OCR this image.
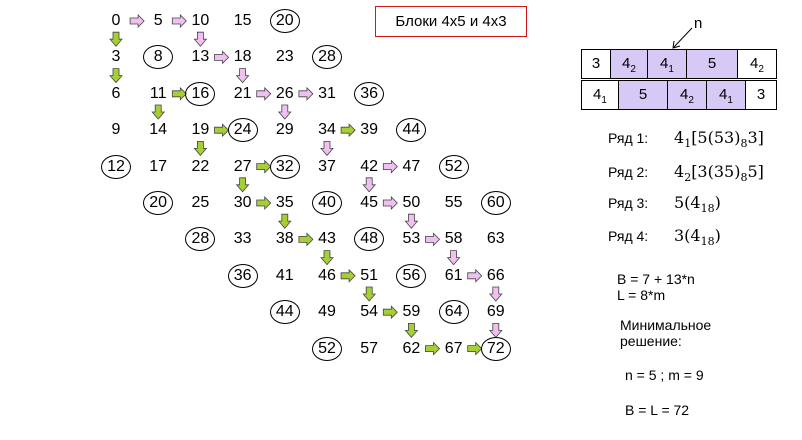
0	5	10	15	20
3	8	13	18	23	28
6	11	16	21	26	31	36
9	14	19	24	29	34	39	44
12	17	22	27	32	37	42	47	52
20	25	30	35	40	45	50	55	60
28	33	38	43	48	53	58	63
36	41	46	51	56	61	66
44	49	54	59	64	69
52	57	62	67	72
Блоки 4x5 и 4x3	n
3	$4_2$	$4_1$	5	$4_2$
$4_1$	5	$4_2$	$4_1$	3
Ряд 1: $4_1[5(53)_83]$
Ряд 2: $4_2[3(35)_85]$
Ряд 3: $5(4_{18})$
Ряд 4: $3(4_{18})$
B = 7 + 13*n
L = 8*m
Минимальное
решение:
n = 5 ; m = 9
B = L = 72
